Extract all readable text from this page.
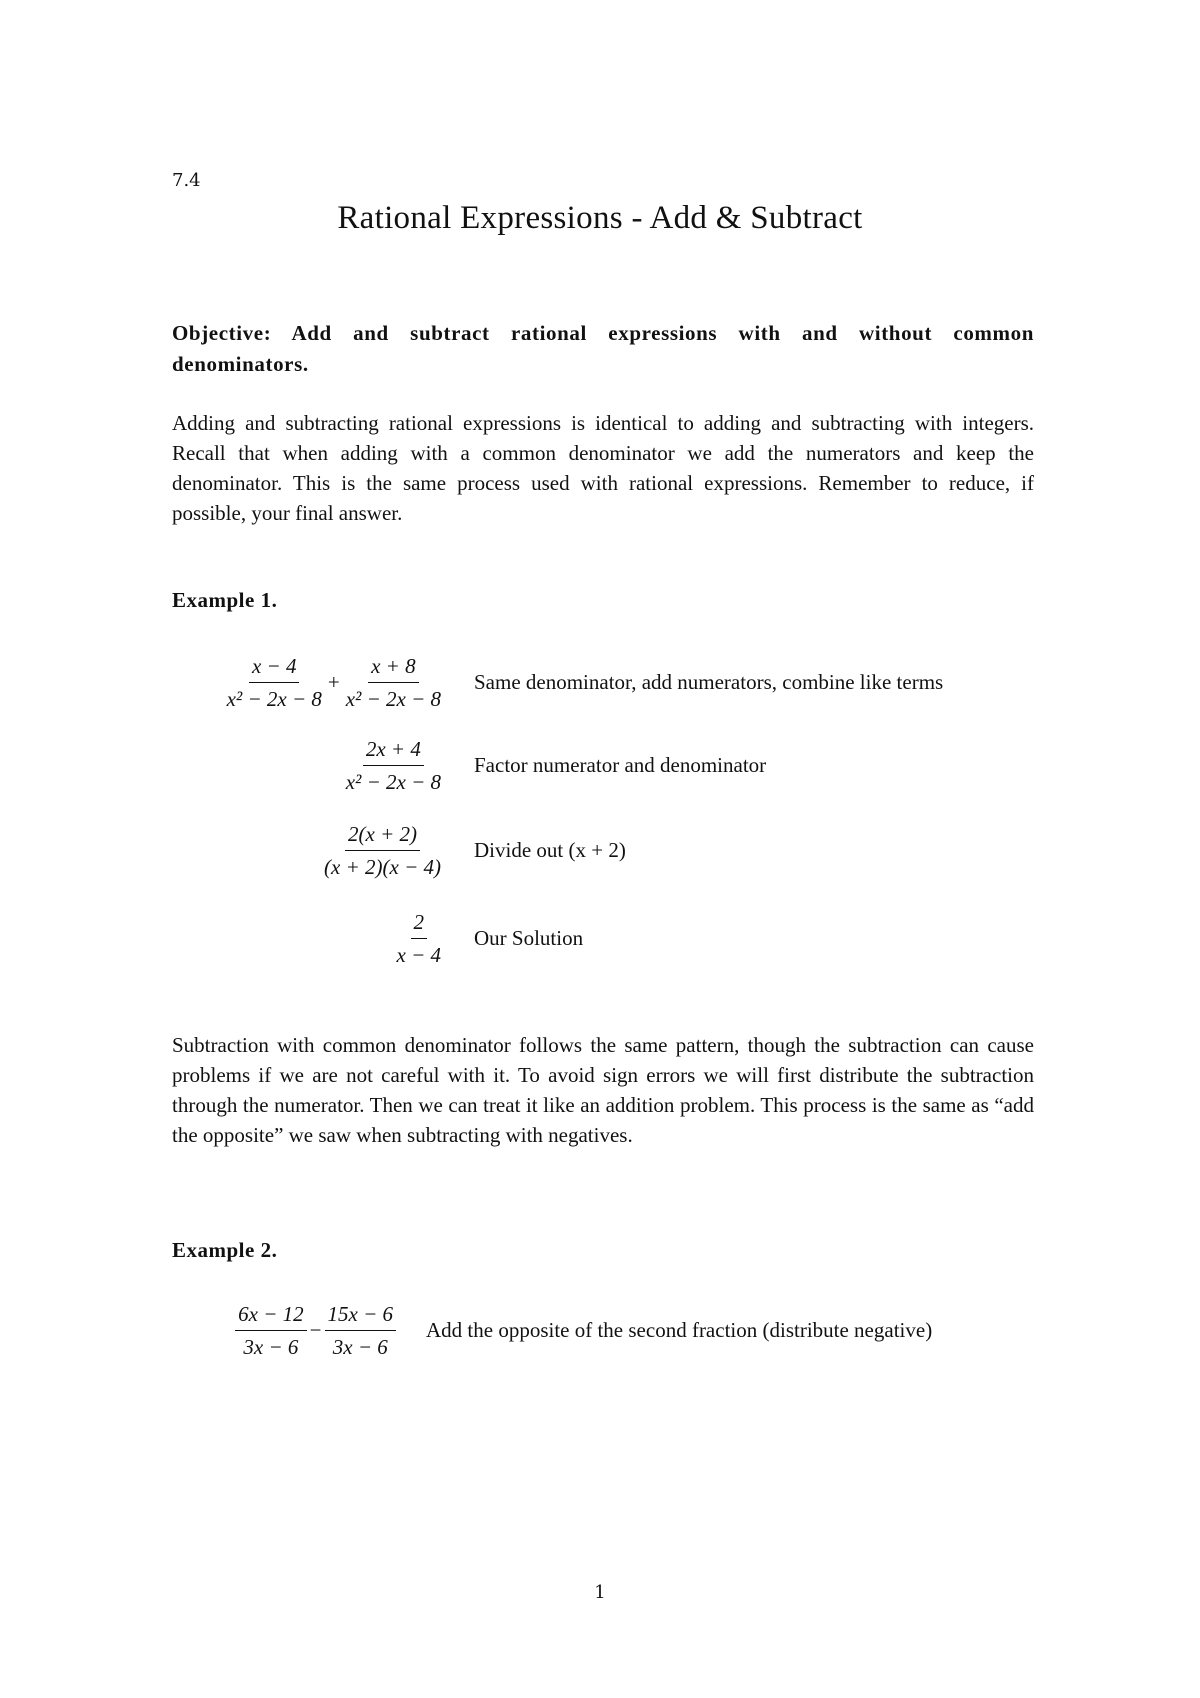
7.4
Rational Expressions - Add & Subtract
Objective: Add and subtract rational expressions with and without common denominators.
Adding and subtracting rational expressions is identical to adding and subtracting with integers. Recall that when adding with a common denominator we add the numerators and keep the denominator. This is the same process used with rational expressions. Remember to reduce, if possible, your final answer.
Example 1.
$\frac{x - 4}{\text{x² − 2x − 8}} + \frac{x + 8}{\text{x² − 2x − 8}}$ Same denominator, add numerators, combine like terms
$\frac{2x + 4}{\text{x² − 2x − 8}}$ Factor numerator and denominator
$\frac{2(x + 2)}{(x + 2)(x - 4)}$ Divide out (x + 2)
$\frac{2}{x - 4}$ Our Solution
Subtraction with common denominator follows the same pattern, though the subtraction can cause problems if we are not careful with it. To avoid sign errors we will first distribute the subtraction through the numerator. Then we can treat it like an addition problem. This process is the same as “add the opposite” we saw when subtracting with negatives.
Example 2.
$\frac{6x - 12}{3x - 6} - \frac{15x - 6}{3x - 6}$ Add the opposite of the second fraction (distribute negative)
1
